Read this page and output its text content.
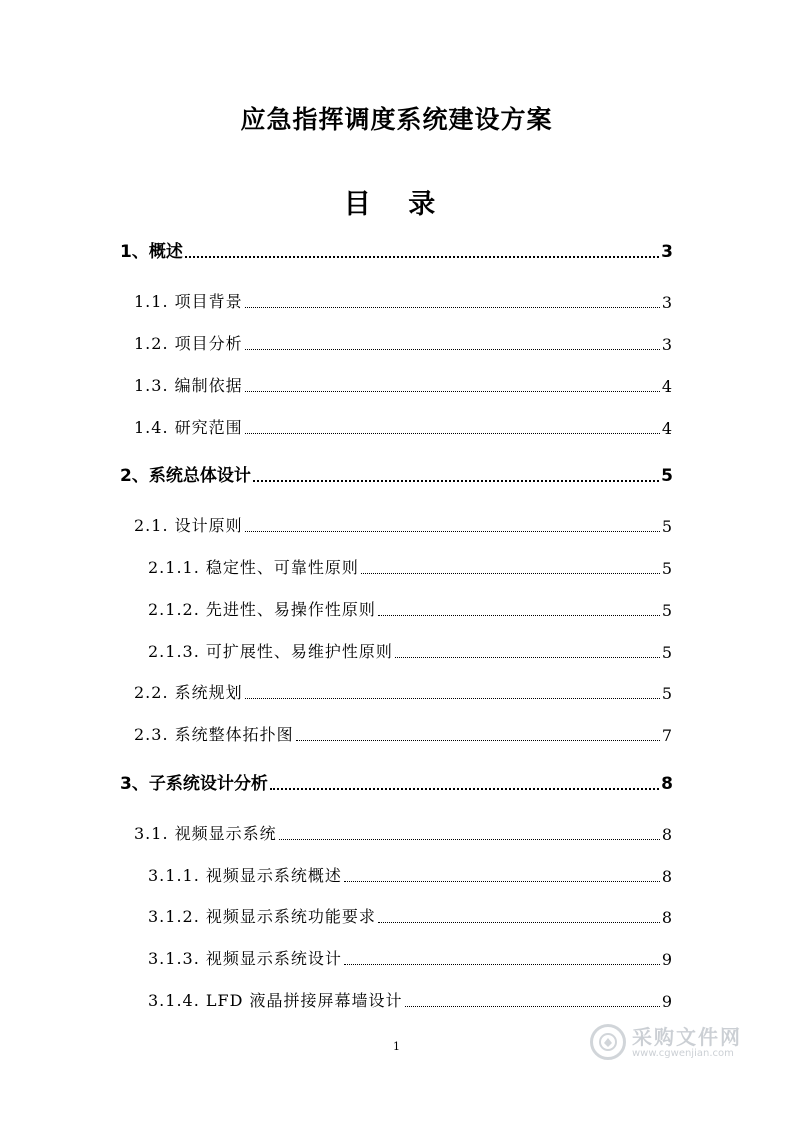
应急指挥调度系统建设方案
目 录
1、概述	3
1.1. 项目背景	3
1.2. 项目分析	3
1.3. 编制依据	4
1.4. 研究范围	4
2、系统总体设计	5
2.1. 设计原则	5
2.1.1. 稳定性、可靠性原则	5
2.1.2. 先进性、易操作性原则	5
2.1.3. 可扩展性、易维护性原则	5
2.2. 系统规划	5
2.3. 系统整体拓扑图	7
3、子系统设计分析	8
3.1. 视频显示系统	8
3.1.1. 视频显示系统概述	8
3.1.2. 视频显示系统功能要求	8
3.1.3. 视频显示系统设计	9
3.1.4. LFD 液晶拼接屏幕墙设计	9
1	采购文件网
www.cgwenjian.com
